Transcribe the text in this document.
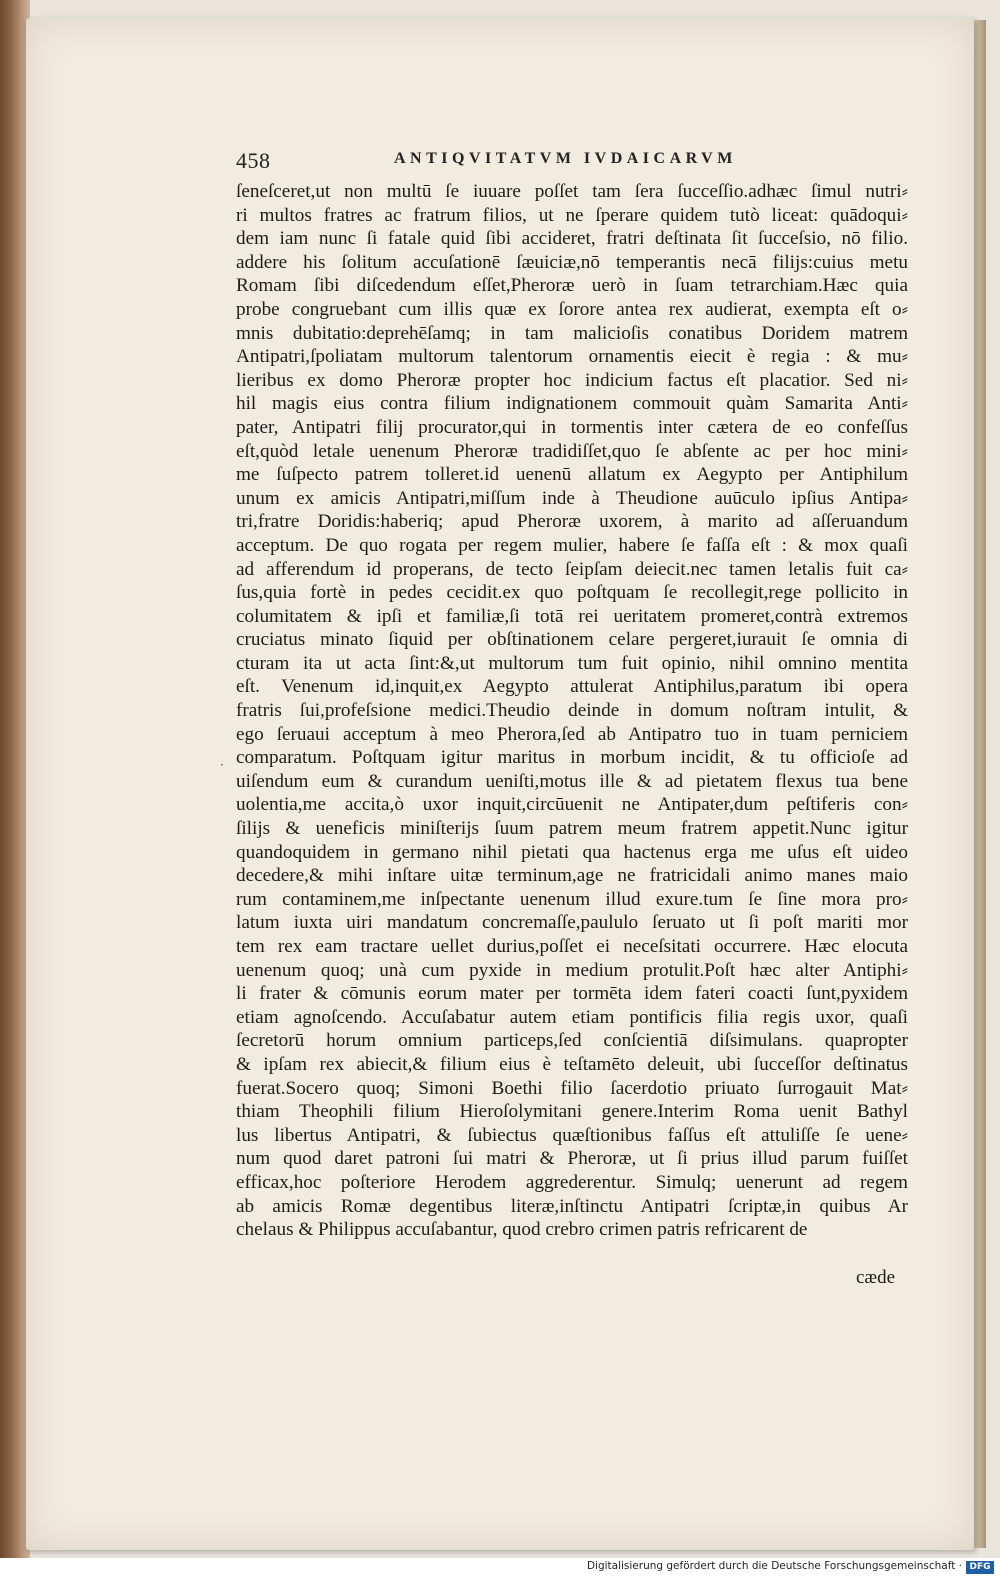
458	ANTIQVITATVM IVDAICARVM
ſeneſceret,ut non multū ſe iuuare poſſet tam ſera ſucceſſio.adhæc ſimul nutri⸗
ri multos fratres ac fratrum filios, ut ne ſperare quidem tutò liceat: quādoqui⸗
dem iam nunc ſi fatale quid ſibi accideret, fratri deſtinata ſit ſucceſsio, nō filio.
addere his ſolitum accuſationē ſæuiciæ,nō temperantis necā filijs:cuius metu
Romam ſibi diſcedendum eſſet,Pheroræ uerò in ſuam tetrarchiam.Hæc quia
probe congruebant cum illis quæ ex ſorore antea rex audierat, exempta eſt o⸗
mnis dubitatio:deprehēſamq; in tam malicioſis conatibus Doridem matrem
Antipatri,ſpoliatam multorum talentorum ornamentis eiecit è regia : & mu⸗
lieribus ex domo Pheroræ propter hoc indicium factus eſt placatior. Sed ni⸗
hil magis eius contra filium indignationem commouit quàm Samarita Anti⸗
pater, Antipatri filij procurator,qui in tormentis inter cætera de eo confeſſus
eſt,quòd letale uenenum Pheroræ tradidiſſet,quo ſe abſente ac per hoc mini⸗
me ſuſpecto patrem tolleret.id uenenū allatum ex Aegypto per Antiphilum
unum ex amicis Antipatri,miſſum inde à Theudione auūculo ipſius Antipa⸗
tri,fratre Doridis:haberiq; apud Pheroræ uxorem, à marito ad aſſeruandum
acceptum. De quo rogata per regem mulier, habere ſe faſſa eſt : & mox quaſi
ad afferendum id properans, de tecto ſeipſam deiecit.nec tamen letalis fuit ca⸗
ſus,quia fortè in pedes cecidit.ex quo poſtquam ſe recollegit,rege pollicito in
columitatem & ipſi et familiæ,ſi totā rei ueritatem promeret,contrà extremos
cruciatus minato ſiquid per obſtinationem celare pergeret,iurauit ſe omnia di
cturam ita ut acta ſint:&,ut multorum tum fuit opinio, nihil omnino mentita
eſt. Venenum id,inquit,ex Aegypto attulerat Antiphilus,paratum ibi opera
fratris ſui,profeſsione medici.Theudio deinde in domum noſtram intulit, &
ego ſeruaui acceptum à meo Pherora,ſed ab Antipatro tuo in tuam perniciem
comparatum. Poſtquam igitur maritus in morbum incidit, & tu officioſe ad
uiſendum eum & curandum ueniſti,motus ille & ad pietatem flexus tua bene
uolentia,me accita,ò uxor inquit,circūuenit ne Antipater,dum peſtiferis con⸗
ſilijs & ueneficis miniſterijs ſuum patrem meum fratrem appetit.Nunc igitur
quandoquidem in germano nihil pietati qua hactenus erga me uſus eſt uideo
decedere,& mihi inſtare uitæ terminum,age ne fratricidali animo manes maio
rum contaminem,me inſpectante uenenum illud exure.tum ſe ſine mora pro⸗
latum iuxta uiri mandatum concremaſſe,paululo ſeruato ut ſi poſt mariti mor
tem rex eam tractare uellet durius,poſſet ei neceſsitati occurrere. Hæc elocuta
uenenum quoq; unà cum pyxide in medium protulit.Poſt hæc alter Antiphi⸗
li frater & cōmunis eorum mater per tormēta idem fateri coacti ſunt,pyxidem
etiam agnoſcendo. Accuſabatur autem etiam pontificis filia regis uxor, quaſi
ſecretorū horum omnium particeps,ſed conſcientiā diſsimulans. quapropter
& ipſam rex abiecit,& filium eius è teſtamēto deleuit, ubi ſucceſſor deſtinatus
fuerat.Socero quoq; Simoni Boethi filio ſacerdotio priuato ſurrogauit Mat⸗
thiam Theophili filium Hieroſolymitani genere.Interim Roma uenit Bathyl
lus libertus Antipatri, & ſubiectus quæſtionibus faſſus eſt attuliſſe ſe uene⸗
num quod daret patroni ſui matri & Pheroræ, ut ſi prius illud parum fuiſſet
efficax,hoc poſteriore Herodem aggrederentur. Simulq; uenerunt ad regem
ab amicis Romæ degentibus literæ,inſtinctu Antipatri ſcriptæ,in quibus Ar
chelaus & Philippus accuſabantur, quod crebro crimen patris refricarent de
·
cæde
Digitalisierung gefördert durch die Deutsche Forschungsgemeinschaft · DFG
